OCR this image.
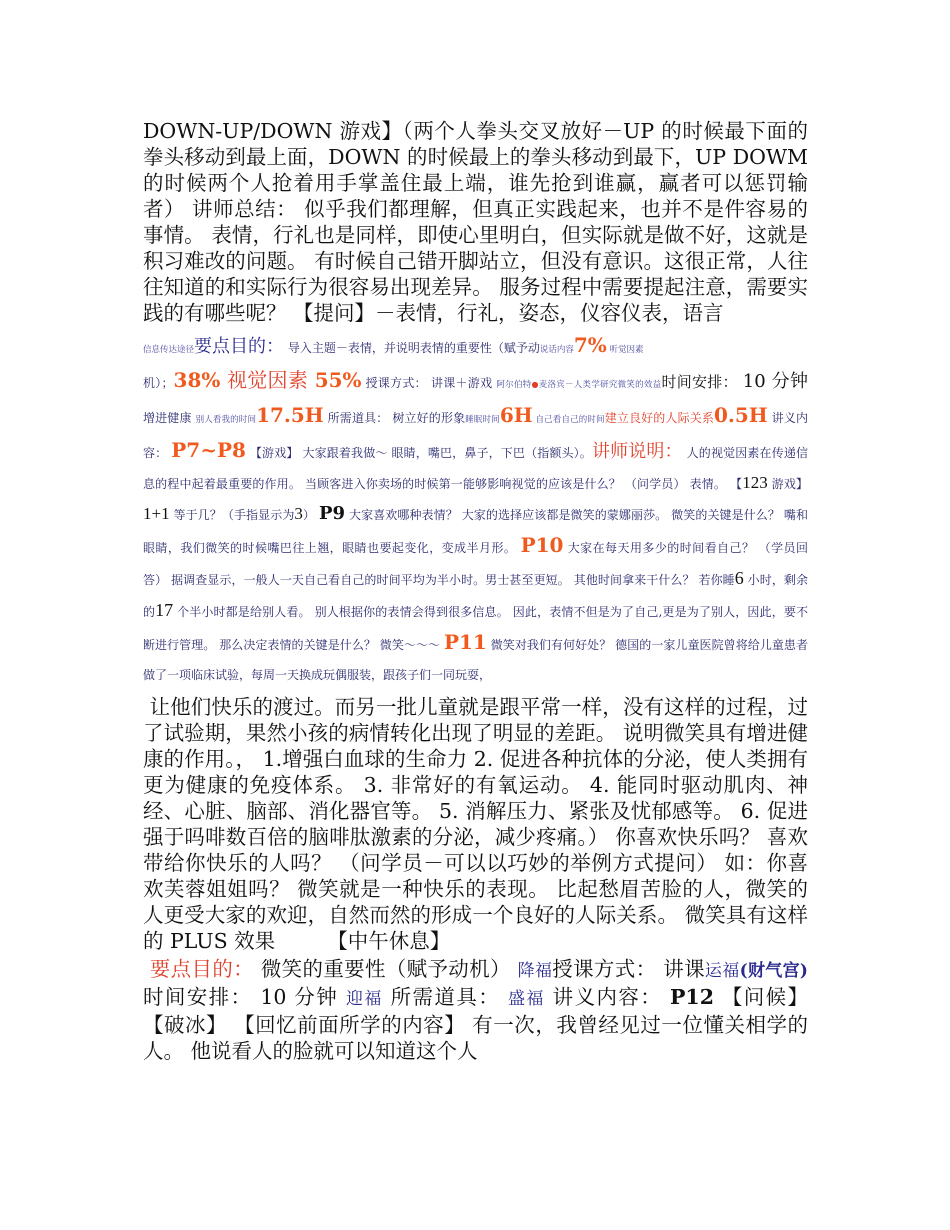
DOWN-UP/DOWN 游戏】（两个人拳头交叉放好－UP 的时候最下面的拳头移动到最上面，DOWN 的时候最上的拳头移动到最下，UP DOWM 的时候两个人抢着用手掌盖住最上端，谁先抢到谁赢，赢者可以惩罚输者） 讲师总结： 似乎我们都理解，但真正实践起来，也并不是件容易的事情。 表情，行礼也是同样，即使心里明白，但实际就是做不好，这就是积习难改的问题。 有时候自己错开脚站立，但没有意识。这很正常，人往往知道的和实际行为很容易出现差异。 服务过程中需要提起注意，需要实践的有哪些呢？ 【提问】－表情，行礼，姿态，仪容仪表，语言
信息传达途径要点目的： 导入主题－表情，并说明表情的重要性（赋予动说话内容7% 听觉因素
机）；38% 视觉因素 55% 授课方式： 讲课＋游戏 阿尔伯特●麦洛宾－人类学研究微笑的效益时间安排： 10 分钟 增进健康 别人看我的时间17.5H 所需道具： 树立好的形象睡眠时间6H 自己看自己的时间建立良好的人际关系0.5H 讲义内容： P7~P8 【游戏】 大家跟着我做～ 眼睛，嘴巴，鼻子，下巴（指额头）。讲师说明： 人的视觉因素在传递信息的程中起着最重要的作用。 当顾客进入你卖场的时候第一能够影响视觉的应该是什么？ （问学员） 表情。 【123 游戏】 1+1 等于几？（手指显示为3） P9 大家喜欢哪种表情？ 大家的选择应该都是微笑的蒙娜丽莎。 微笑的关键是什么？ 嘴和眼睛，我们微笑的时候嘴巴往上翘，眼睛也要起变化，变成半月形。 P10 大家在每天用多少的时间看自己？ （学员回答） 据调查显示，一般人一天自己看自己的时间平均为半小时。男士甚至更短。 其他时间拿来干什么？ 若你睡6 小时，剩余的17 个半小时都是给别人看。 别人根据你的表情会得到很多信息。 因此，表情不但是为了自己,更是为了别人，因此，要不断进行管理。 那么决定表情的关键是什么？ 微笑～～～ P11 微笑对我们有何好处？ 德国的一家儿童医院曾将给儿童患者做了一项临床试验，每周一天换成玩偶服装，跟孩子们一同玩耍，
让他们快乐的渡过。而另一批儿童就是跟平常一样，没有这样的过程，过了试验期，果然小孩的病情转化出现了明显的差距。 说明微笑具有增进健康的作用。， 1.增强白血球的生命力 2. 促进各种抗体的分泌，使人类拥有更为健康的免疫体系。 3. 非常好的有氧运动。 4. 能同时驱动肌肉、神经、心脏、脑部、消化器官等。 5. 消解压力、紧张及忧郁感等。 6. 促进强于吗啡数百倍的脑啡肽激素的分泌，减少疼痛。） 你喜欢快乐吗？ 喜欢带给你快乐的人吗？ （问学员－可以以巧妙的举例方式提问） 如：你喜欢芙蓉姐姐吗？ 微笑就是一种快乐的表现。 比起愁眉苦脸的人，微笑的人更受大家的欢迎，自然而然的形成一个良好的人际关系。 微笑具有这样的 PLUS 效果        【中午休息】
要点目的： 微笑的重要性（赋予动机） 降福授课方式： 讲课运福(财气宫)时间安排： 10 分钟 迎福 所需道具： 盛福 讲义内容： P12 【问候】 【破冰】 【回忆前面所学的内容】 有一次，我曾经见过一位懂关相学的人。 他说看人的脸就可以知道这个人
